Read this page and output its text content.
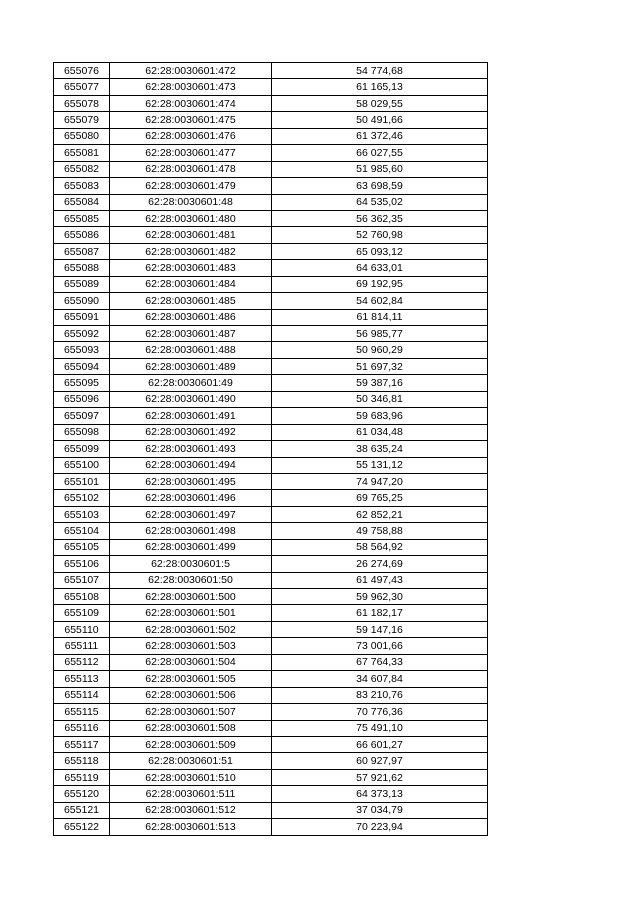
655076	62:28:0030601:472	54 774,68
655077	62:28:0030601:473	61 165,13
655078	62:28:0030601:474	58 029,55
655079	62:28:0030601:475	50 491,66
655080	62:28:0030601:476	61 372,46
655081	62:28:0030601:477	66 027,55
655082	62:28:0030601:478	51 985,60
655083	62:28:0030601:479	63 698,59
655084	62:28:0030601:48	64 535,02
655085	62:28:0030601:480	56 362,35
655086	62:28:0030601:481	52 760,98
655087	62:28:0030601:482	65 093,12
655088	62:28:0030601:483	64 633,01
655089	62:28:0030601:484	69 192,95
655090	62:28:0030601:485	54 602,84
655091	62:28:0030601:486	61 814,11
655092	62:28:0030601:487	56 985,77
655093	62:28:0030601:488	50 960,29
655094	62:28:0030601:489	51 697,32
655095	62:28:0030601:49	59 387,16
655096	62:28:0030601:490	50 346,81
655097	62:28:0030601:491	59 683,96
655098	62:28:0030601:492	61 034,48
655099	62:28:0030601:493	38 635,24
655100	62:28:0030601:494	55 131,12
655101	62:28:0030601:495	74 947,20
655102	62:28:0030601:496	69 765,25
655103	62:28:0030601:497	62 852,21
655104	62:28:0030601:498	49 758,88
655105	62:28:0030601:499	58 564,92
655106	62:28:0030601:5	26 274,69
655107	62:28:0030601:50	61 497,43
655108	62:28:0030601:500	59 962,30
655109	62:28:0030601:501	61 182,17
655110	62:28:0030601:502	59 147,16
655111	62:28:0030601:503	73 001,66
655112	62:28:0030601:504	67 764,33
655113	62:28:0030601:505	34 607,84
655114	62:28:0030601:506	83 210,76
655115	62:28:0030601:507	70 776,36
655116	62:28:0030601:508	75 491,10
655117	62:28:0030601:509	66 601,27
655118	62:28:0030601:51	60 927,97
655119	62:28:0030601:510	57 921,62
655120	62:28:0030601:511	64 373,13
655121	62:28:0030601:512	37 034,79
655122	62:28:0030601:513	70 223,94
